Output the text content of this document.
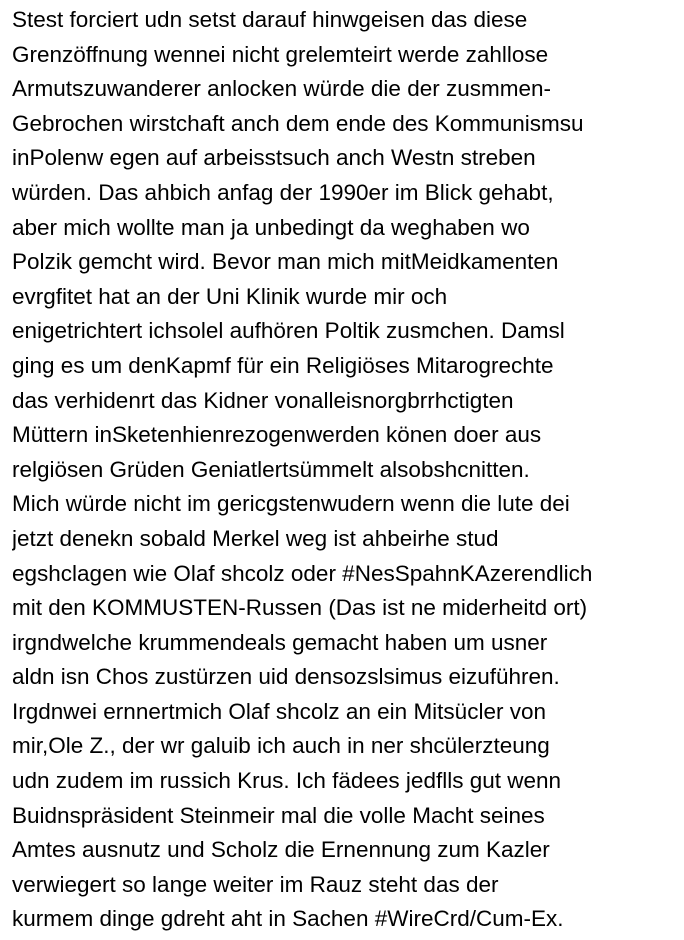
Stest forciert udn setst darauf hinwgeisen das diese
Grenzöffnung wennei nicht grelemteirt werde zahllose
Armutszuwanderer anlocken würde die der zusmmen-
Gebrochen wirstchaft anch dem ende des Kommunismsu
inPolenw egen auf arbeisstsuch anch Westn streben
würden. Das ahbich anfag der 1990er im Blick gehabt,
aber mich wollte man ja unbedingt da weghaben wo
Polzik gemcht wird. Bevor man mich mitMeidkamenten
evrgfitet hat an der Uni Klinik wurde mir och
enigetrichtert ichsolel aufhören Poltik zusmchen. Damsl
ging es um denKapmf für ein Religiöses Mitarogrechte
das verhidenrt das Kidner vonalleisnorgbrrhctigten
Müttern inSketenhienrezogenwerden könen doer aus
relgiösen Grüden Geniatlertsümmelt alsobshcnitten.
Mich würde nicht im gericgstenwudern wenn die lute dei
jetzt denekn sobald Merkel weg ist ahbeirhe stud
egshclagen wie Olaf shcolz oder #NesSpahnKAzerendlich
mit den KOMMUSTEN-Russen (Das ist ne miderheitd ort)
irgndwelche krummendeals gemacht haben um usner
aldn isn Chos zustürzen uid densozslsimus eizuführen.
Irgdnwei ernnertmich Olaf shcolz an ein Mitsücler von
mir,Ole Z., der wr galuib ich auch in ner shcülerzteung
udn zudem im russich Krus. Ich fädees jedflls gut wenn
Buidnspräsident Steinmeir mal die volle Macht seines
Amtes ausnutz und Scholz die Ernennung zum Kazler
verwiegert so lange weiter im Rauz steht das der
kurmem dinge gdreht aht in Sachen #WireCrd/Cum-Ex.
